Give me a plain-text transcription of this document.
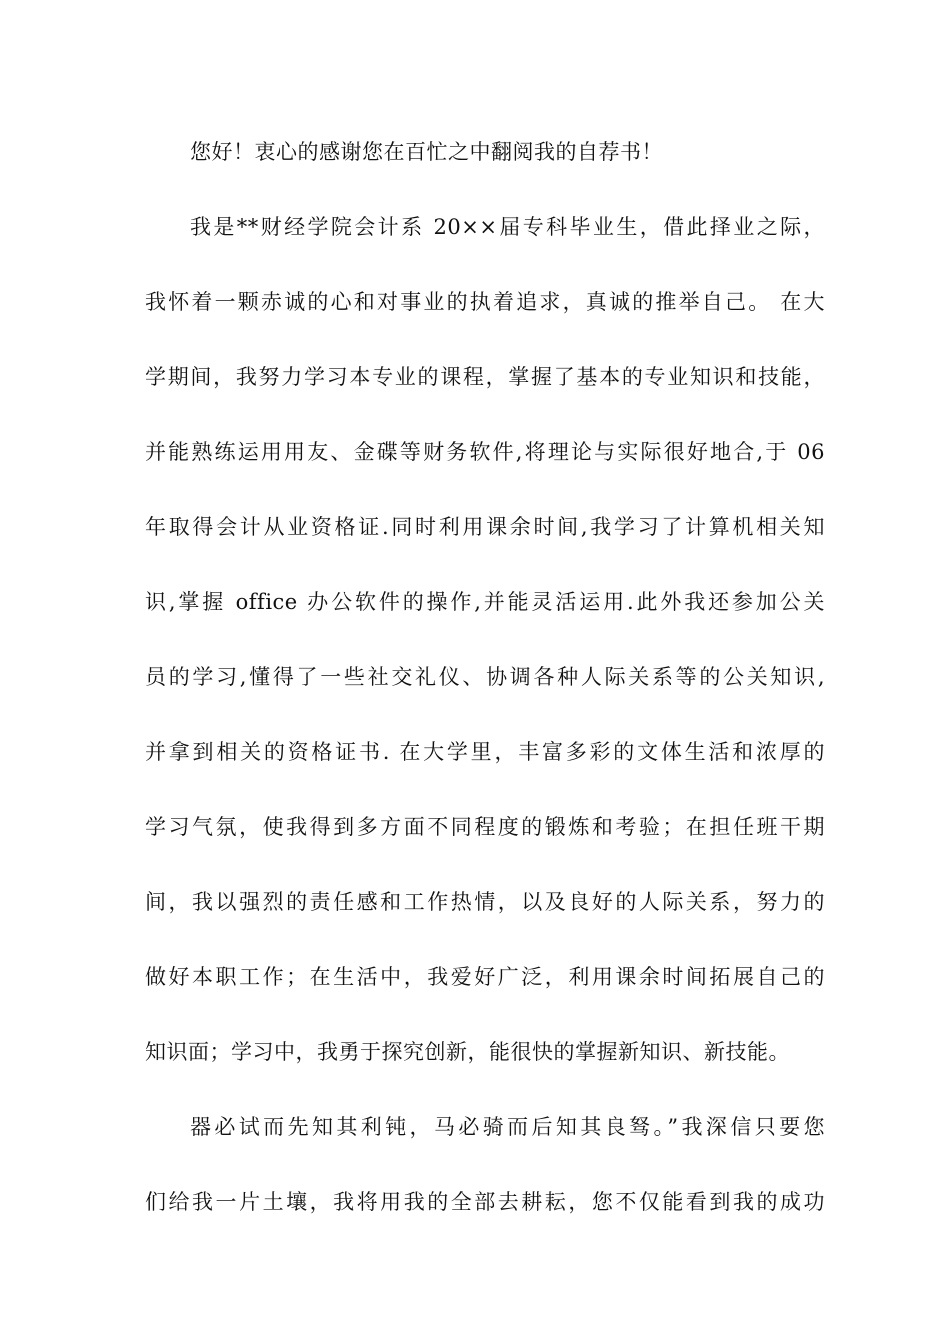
您好！衷心的感谢您在百忙之中翻阅我的自荐书！
我是**财经学院会计系 20××届专科毕业生，借此择业之际，
我怀着一颗赤诚的心和对事业的执着追求，真诚的推举自己。 在大
学期间，我努力学习本专业的课程，掌握了基本的专业知识和技能，
并能熟练运用用友、金碟等财务软件,将理论与实际很好地合,于 06
年取得会计从业资格证.同时利用课余时间,我学习了计算机相关知
识,掌握 office 办公软件的操作,并能灵活运用.此外我还参加公关
员的学习,懂得了一些社交礼仪、协调各种人际关系等的公关知识,
并拿到相关的资格证书. 在大学里，丰富多彩的文体生活和浓厚的
学习气氛，使我得到多方面不同程度的锻炼和考验；在担任班干期
间，我以强烈的责任感和工作热情，以及良好的人际关系，努力的
做好本职工作；在生活中，我爱好广泛，利用课余时间拓展自己的
知识面；学习中，我勇于探究创新，能很快的掌握新知识、新技能。
器必试而先知其利钝，马必骑而后知其良驽。”我深信只要您
们给我一片土壤，我将用我的全部去耕耘，您不仅能看到我的成功
